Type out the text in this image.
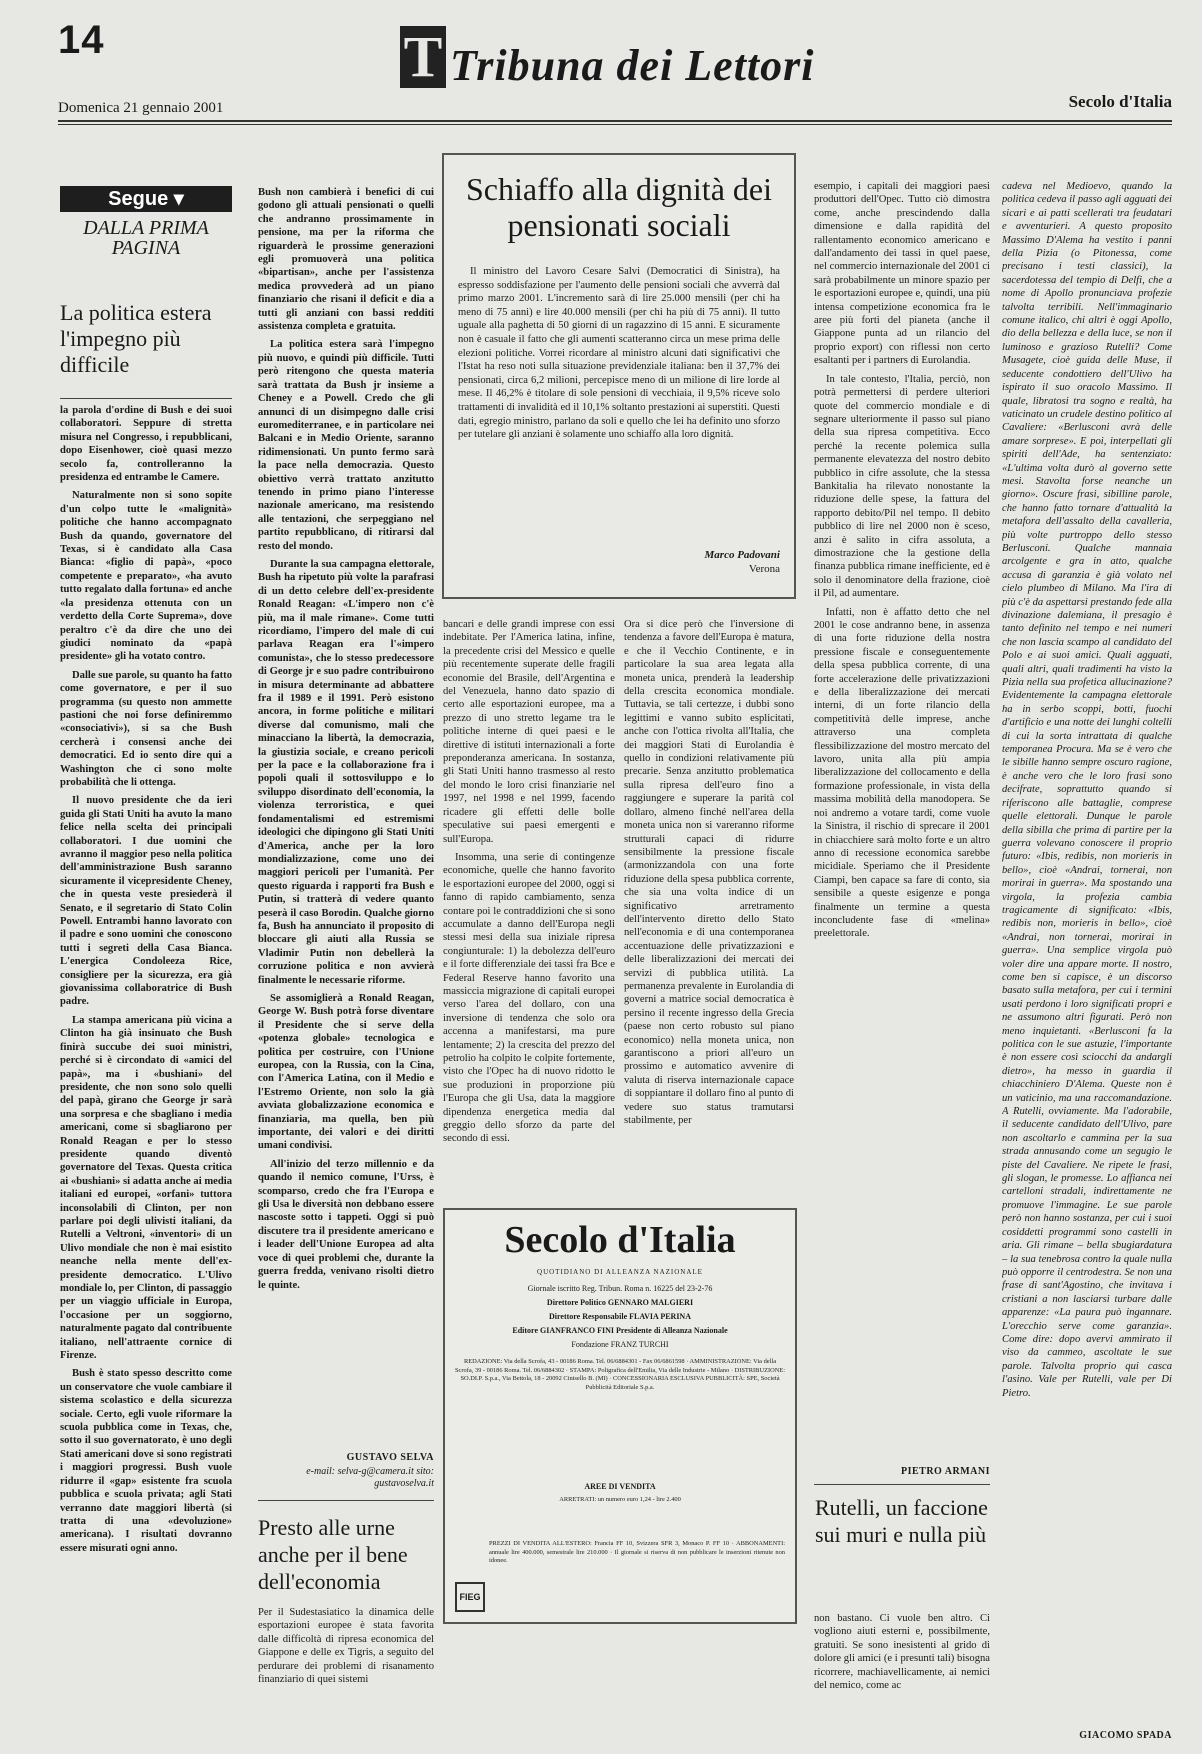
14	T Tribuna dei Lettori
Domenica 21 gennaio 2001	Secolo d'Italia
Segue ▾
DALLA PRIMA PAGINA
La politica estera l'impegno più difficile

la parola d'ordine di Bush e dei suoi collaboratori. Seppure di stretta misura nel Congresso, i repubblicani, dopo Eisenhower, cioè quasi mezzo secolo fa, controlleranno la presidenza ed entrambe le Camere.

Naturalmente non si sono sopite d'un colpo tutte le «malignità» politiche che hanno accompagnato Bush da quando, governatore del Texas, si è candidato alla Casa Bianca: «figlio di papà», «poco competente e preparato», «ha avuto tutto regalato dalla fortuna» ed anche «la presidenza ottenuta con un verdetto della Corte Suprema», dove peraltro c'è da dire che uno dei giudici nominato da «papà presidente» gli ha votato contro.

Dalle sue parole, su quanto ha fatto come governatore, e per il suo programma (su questo non ammette pastioni che noi forse definiremmo «consociativi»), si sa che Bush cercherà i consensi anche dei democratici. Ed io sento dire qui a Washington che ci sono molte probabilità che li ottenga.

Il nuovo presidente che da ieri guida gli Stati Uniti ha avuto la mano felice nella scelta dei principali collaboratori. I due uomini che avranno il maggior peso nella politica dell'amministrazione Bush saranno sicuramente il vicepresidente Cheney, che in questa veste presiederà il Senato, e il segretario di Stato Colin Powell. Entrambi hanno lavorato con il padre e sono uomini che conoscono tutti i segreti della Casa Bianca. L'energica Condoleeza Rice, consigliere per la sicurezza, era già giovanissima collaboratrice di Bush padre.

La stampa americana più vicina a Clinton ha già insinuato che Bush finirà succube dei suoi ministri, perché si è circondato di «amici del papà», ma i «bushiani» del presidente, che non sono solo quelli del papà, girano che George jr sarà una sorpresa e che sbagliano i media americani, come si sbagliarono per Ronald Reagan e per lo stesso presidente quando diventò governatore del Texas. Questa critica ai «bushiani» si adatta anche ai media italiani ed europei, «orfani» tuttora inconsolabili di Clinton, per non parlare poi degli ulivisti italiani, da Rutelli a Veltroni, «inventori» di un Ulivo mondiale che non è mai esistito neanche nella mente dell'ex-presidente democratico. L'Ulivo mondiale lo, per Clinton, di passaggio per un viaggio ufficiale in Europa, l'occasione per un soggiorno, naturalmente pagato dal contribuente italiano, nell'attraente cornice di Firenze.

Bush è stato spesso descritto come un conservatore che vuole cambiare il sistema scolastico e della sicurezza sociale. Certo, egli vuole riformare la scuola pubblica come in Texas, che, sotto il suo governatorato, è uno degli Stati americani dove si sono registrati i maggiori progressi. Bush vuole ridurre il «gap» esistente fra scuola pubblica e scuola privata; agli Stati verranno date maggiori libertà (si tratta di una «devoluzione» americana). I risultati dovranno essere misurati ogni anno.

Bush non cambierà i benefici di cui godono gli attuali pensionati o quelli che andranno prossimamente in pensione, ma per la riforma che riguarderà le prossime generazioni egli promuoverà una politica «bipartisan», anche per l'assistenza medica provvederà ad un piano finanziario che risani il deficit e dia a tutti gli anziani con bassi redditi assistenza completa e gratuita.

La politica estera sarà l'impegno più nuovo, e quindi più difficile. Tutti però ritengono che questa materia sarà trattata da Bush jr insieme a Cheney e a Powell. Credo che gli annunci di un disimpegno dalle crisi euromediterranee, e in particolare nei Balcani e in Medio Oriente, saranno ridimensionati. Un punto fermo sarà la pace nella democrazia. Questo obiettivo verrà trattato anzitutto tenendo in primo piano l'interesse nazionale americano, ma resistendo alle tentazioni, che serpeggiano nel partito repubblicano, di ritirarsi dal resto del mondo.

Durante la sua campagna elettorale, Bush ha ripetuto più volte la parafrasi di un detto celebre dell'ex-presidente Ronald Reagan: «L'impero non c'è più, ma il male rimane». Come tutti ricordiamo, l'impero del male di cui parlava Reagan era l'«impero comunista», che lo stesso predecessore di George jr e suo padre contribuirono in misura determinante ad abbattere fra il 1989 e il 1991. Però esistono ancora, in forme politiche e militari diverse dal comunismo, mali che minacciano la libertà, la democrazia, la giustizia sociale, e creano pericoli per la pace e la collaborazione fra i popoli quali il sottosviluppo e lo sviluppo disordinato dell'economia, la violenza terroristica, e quei fondamentalismi ed estremismi ideologici che dipingono gli Stati Uniti d'America, anche per la loro mondializzazione, come uno dei maggiori pericoli per l'umanità. Per questo riguarda i rapporti fra Bush e Putin, si tratterà di vedere quanto peserà il caso Borodin. Qualche giorno fa, Bush ha annunciato il proposito di bloccare gli aiuti alla Russia se Vladimir Putin non debellerà la corruzione politica e non avvierà finalmente le necessarie riforme.

Se assomiglierà a Ronald Reagan, George W. Bush potrà forse diventare il Presidente che si serve della «potenza globale» tecnologica e politica per costruire, con l'Unione europea, con la Russia, con la Cina, con l'America Latina, con il Medio e l'Estremo Oriente, non solo la già avviata globalizzazione economica e finanziaria, ma quella, ben più importante, dei valori e dei diritti umani condivisi.

All'inizio del terzo millennio e da quando il nemico comune, l'Urss, è scomparso, credo che fra l'Europa e gli Usa le diversità non debbano essere nascoste sotto i tappeti. Oggi si può discutere tra il presidente americano e i leader dell'Unione Europea ad alta voce di quei problemi che, durante la guerra fredda, venivano risolti dietro le quinte.

GUSTAVO SELVA
e-mail: selva-g@camera.it sito: gustavoselva.it
Presto alle urne anche per il bene dell'economia

Per il Sudestasiatico la dinamica delle esportazioni europee è stata favorita dalle difficoltà di ripresa economica del Giappone e delle ex Tigris, a seguito del perdurare dei problemi di risanamento finanziario di quei sistemi

Schiaffo alla dignità dei pensionati sociali
Il ministro del Lavoro Cesare Salvi (Democratici di Sinistra), ha espresso soddisfazione per l'aumento delle pensioni sociali che avverrà dal primo marzo 2001. L'incremento sarà di lire 25.000 mensili (per chi ha meno di 75 anni) e lire 40.000 mensili (per chi ha più di 75 anni). Il tutto uguale alla paghetta di 50 giorni di un ragazzino di 15 anni. E sicuramente non è casuale il fatto che gli aumenti scatteranno circa un mese prima delle elezioni politiche. Vorrei ricordare al ministro alcuni dati significativi che l'Istat ha reso noti sulla situazione previdenziale italiana: ben il 37,7% dei pensionati, circa 6,2 milioni, percepisce meno di un milione di lire lorde al mese. Il 46,2% è titolare di sole pensioni di vecchiaia, il 9,5% riceve solo trattamenti di invalidità ed il 10,1% soltanto prestazioni ai superstiti. Questi dati, egregio ministro, parlano da soli e quello che lei ha definito uno sforzo per tutelare gli anziani è solamente uno schiaffo alla loro dignità.
Marco Padovani
Verona

bancari e delle grandi imprese con essi indebitate. Per l'America latina, infine, la precedente crisi del Messico e quelle più recentemente superate delle fragili economie del Brasile, dell'Argentina e del Venezuela, hanno dato spazio di certo alle esportazioni europee, ma a prezzo di uno stretto legame tra le politiche interne di quei paesi e le direttive di istituti internazionali a forte preponderanza americana. In sostanza, gli Stati Uniti hanno trasmesso al resto del mondo le loro crisi finanziarie nel 1997, nel 1998 e nel 1999, facendo ricadere gli effetti delle bolle speculative sui paesi emergenti e sull'Europa.

Insomma, una serie di contingenze economiche, quelle che hanno favorito le esportazioni europee del 2000, oggi si fanno di rapido cambiamento, senza contare poi le contraddizioni che si sono accumulate a danno dell'Europa negli stessi mesi della sua iniziale ripresa congiunturale: 1) la debolezza dell'euro e il forte differenziale dei tassi fra Bce e Federal Reserve hanno favorito una massiccia migrazione di capitali europei verso l'area del dollaro, con una inversione di tendenza che solo ora accenna a manifestarsi, ma pure lentamente; 2) la crescita del prezzo del petrolio ha colpito le colpite fortemente, visto che l'Opec ha di nuovo ridotto le sue produzioni in proporzione più l'Europa che gli Usa, data la maggiore dipendenza energetica media dal greggio dello sforzo da parte del secondo di essi.

Ora si dice però che l'inversione di tendenza a favore dell'Europa è matura, e che il Vecchio Continente, e in particolare la sua area legata alla moneta unica, prenderà la leadership della crescita economica mondiale. Tuttavia, se tali certezze, i dubbi sono legittimi e vanno subito esplicitati, anche con l'ottica rivolta all'Italia, che dei maggiori Stati di Eurolandia è quello in condizioni relativamente più precarie. Senza anzitutto problematica sulla ripresa dell'euro fino a raggiungere e superare la parità col dollaro, almeno finché nell'area della moneta unica non si vareranno riforme strutturali capaci di ridurre sensibilmente la pressione fiscale (armonizzandola con una forte riduzione della spesa pubblica corrente, che sia una volta indice di un significativo arretramento dell'intervento diretto dello Stato nell'economia e di una contemporanea accentuazione delle privatizzazioni e delle liberalizzazioni dei mercati dei servizi di pubblica utilità. La permanenza prevalente in Eurolandia di governi a matrice social democratica è persino il recente ingresso della Grecia (paese non certo robusto sul piano economico) nella moneta unica, non garantiscono a priori all'euro un prossimo e automatico avvenire di valuta di riserva internazionale capace di soppiantare il dollaro fino al punto di vedere suo status tramutarsi stabilmente, per

esempio, i capitali dei maggiori paesi produttori dell'Opec. Tutto ciò dimostra come, anche prescindendo dalla dimensione e dalla rapidità del rallentamento economico americano e dall'andamento dei tassi in quel paese, nel commercio internazionale del 2001 ci sarà probabilmente un minore spazio per le esportazioni europee e, quindi, una più intensa competizione economica fra le aree più forti del pianeta (anche il Giappone punta ad un rilancio del proprio export) con riflessi non certo esaltanti per i partners di Eurolandia.

In tale contesto, l'Italia, perciò, non potrà permettersi di perdere ulteriori quote del commercio mondiale e di segnare ulteriormente il passo sul piano della sua ripresa competitiva. Ecco perché la recente polemica sulla permanente elevatezza del nostro debito pubblico in cifre assolute, che la stessa Bankitalia ha rilevato nonostante la riduzione delle spese, la fattura del rapporto debito/Pil nel tempo. Il debito pubblico di lire nel 2000 non è sceso, anzi è salito in cifra assoluta, a dimostrazione che la gestione della finanza pubblica rimane inefficiente, ed è solo il denominatore della frazione, cioè il Pil, ad aumentare.

Infatti, non è affatto detto che nel 2001 le cose andranno bene, in assenza di una forte riduzione della nostra pressione fiscale e conseguentemente della spesa pubblica corrente, di una forte accelerazione delle privatizzazioni e della liberalizzazione dei mercati interni, di un forte rilancio della competitività delle imprese, anche attraverso una completa flessibilizzazione del mostro mercato del lavoro, unita alla più ampia liberalizzazione del collocamento e della formazione professionale, in vista della massima mobilità della manodopera. Se noi andremo a votare tardi, come vuole la Sinistra, il rischio di sprecare il 2001 in chiacchiere sarà molto forte e un altro anno di recessione economica sarebbe micidiale. Speriamo che il Presidente Ciampi, ben capace sa fare di conto, sia sensibile a queste esigenze e ponga finalmente un termine a questa inconcludente fase di «melina» preelettorale.

PIETRO ARMANI
Rutelli, un faccione sui muri e nulla più

non bastano. Ci vuole ben altro. Ci vogliono aiuti esterni e, possibilmente, gratuiti. Se sono inesistenti al grido di dolore gli amici (e i presunti tali) bisogna ricorrere, machiavellicamente, ai nemici del nemico, come ac

cadeva nel Medioevo, quando la politica cedeva il passo agli agguati dei sicari e ai patti scellerati tra feudatari e avventurieri. A questo proposito Massimo D'Alema ha vestito i panni della Pizia (o Pitonessa, come precisano i testi classici), la sacerdotessa del tempio di Delfi, che a nome di Apollo pronunciava profezie talvolta terribili. Nell'immaginario comune italico, chi altri è oggi Apollo, dio della bellezza e della luce, se non il luminoso e grazioso Rutelli? Come Musagete, cioè guida delle Muse, il seducente condottiero dell'Ulivo ha ispirato il suo oracolo Massimo. Il quale, libratosi tra sogno e realtà, ha vaticinato un crudele destino politico al Cavaliere: «Berlusconi avrà delle amare sorprese». E poi, interpellati gli spiriti dell'Ade, ha sentenziato: «L'ultima volta durò al governo sette mesi. Stavolta forse neanche un giorno». Oscure frasi, sibilline parole, che hanno fatto tornare d'attualità la metafora dell'assalto della cavalleria, più volte purtroppo dello stesso Berlusconi. Qualche mannaia arcolgente e gra in atto, qualche accusa di garanzia è già volato nel cielo plumbeo di Milano. Ma l'ira di più c'è da aspettarsi prestando fede alla divinazione dalemiana, il presagio è tanto definito nel tempo e nei numeri che non lascia scampo al candidato del Polo e ai suoi amici. Quali agguati, quali altri, quali tradimenti ha visto la Pizia nella sua profetica allucinazione? Evidentemente la campagna elettorale ha in serbo scoppi, botti, fuochi d'artificio e una notte dei lunghi coltelli di cui la sorta intrattata di qualche temporanea Procura. Ma se è vero che le sibille hanno sempre oscuro ragione, è anche vero che le loro frasi sono decifrate, soprattutto quando si riferiscono alle battaglie, comprese quelle elettorali. Dunque le parole della sibilla che prima di partire per la guerra volevano conoscere il proprio futuro: «Ibis, redibis, non morieris in bello», cioè «Andrai, tornerai, non morirai in guerra». Ma spostando una virgola, la profezia cambia tragicamente di significato: «Ibis, redibis non, morieris in bello», cioè «Andrai, non tornerai, morirai in guerra». Una semplice virgola può voler dire una appare morte. Il nostro, come ben si capisce, è un discorso basato sulla metafora, per cui i termini usati perdono i loro significati propri e ne assumono altri figurati. Però non meno inquietanti. «Berlusconi fa la politica con le sue astuzie, l'importante è non essere così sciocchi da andargli dietro», ha messo in guardia il chiacchiniero D'Alema. Queste non è un vaticinio, ma una raccomandazione. A Rutelli, ovviamente. Ma l'adorabile, il seducente candidato dell'Ulivo, pare non ascoltarlo e cammina per la sua strada annusando come un segugio le piste del Cavaliere. Ne ripete le frasi, gli slogan, le promesse. Lo affianca nei cartelloni stradali, indirettamente ne promuove l'immagine. Le sue parole però non hanno sostanza, per cui i suoi cosiddetti programmi sono castelli in aria. Gli rimane – bella sbugiardatura – la sua tenebrosa contro la quale nulla può opporre il centrodestra. Se non una frase di sant'Agostino, che invitava i cristiani a non lasciarsi turbare dalle apparenze: «La paura può ingannare. L'orecchio serve come garanzia». Come dire: dopo avervi ammirato il viso da cammeo, ascoltate le sue parole. Talvolta proprio qui casca l'asino. Vale per Rutelli, vale per Di Pietro.

GIACOMO SPADA
Secolo d'Italia
QUOTIDIANO DI ALLEANZA NAZIONALE
Giornale iscritto Reg. Tribun. Roma n. 16225 del 23-2-76
Direttore Politico GENNARO MALGIERI
Direttore Responsabile FLAVIA PERINA
Editore GIANFRANCO FINI Presidente di Alleanza Nazionale
Fondazione FRANZ TURCHI
REDAZIONE: Via della Scrofa, 43 - 00186 Roma. Tel. 06/6884301 - Fax 06/6861598 · AMMINISTRAZIONE: Via della Scrofa, 39 - 00186 Roma. Tel. 06/6884302 · STAMPA: Poligrafica dell'Emilia, Via delle Industrie - Milano · DISTRIBUZIONE: SO.DI.P. S.p.a., Via Bettola, 18 - 20092 Cinisello B. (MI) · CONCESSIONARIA ESCLUSIVA PUBBLICITÀ: SPE, Società Pubblicità Editoriale S.p.a.
AREE DI VENDITA
ARRETRATI: un numero euro 1,24 - lire 2.400
PREZZI DI VENDITA ALL'ESTERO: Francia FF 10, Svizzera SFR 3, Monaco P. FF 10 · ABBONAMENTI: annuale lire 400.000, semestrale lire 210.000 · Il giornale si riserva di non pubblicare le inserzioni ritenute non idonee.
FIEG
